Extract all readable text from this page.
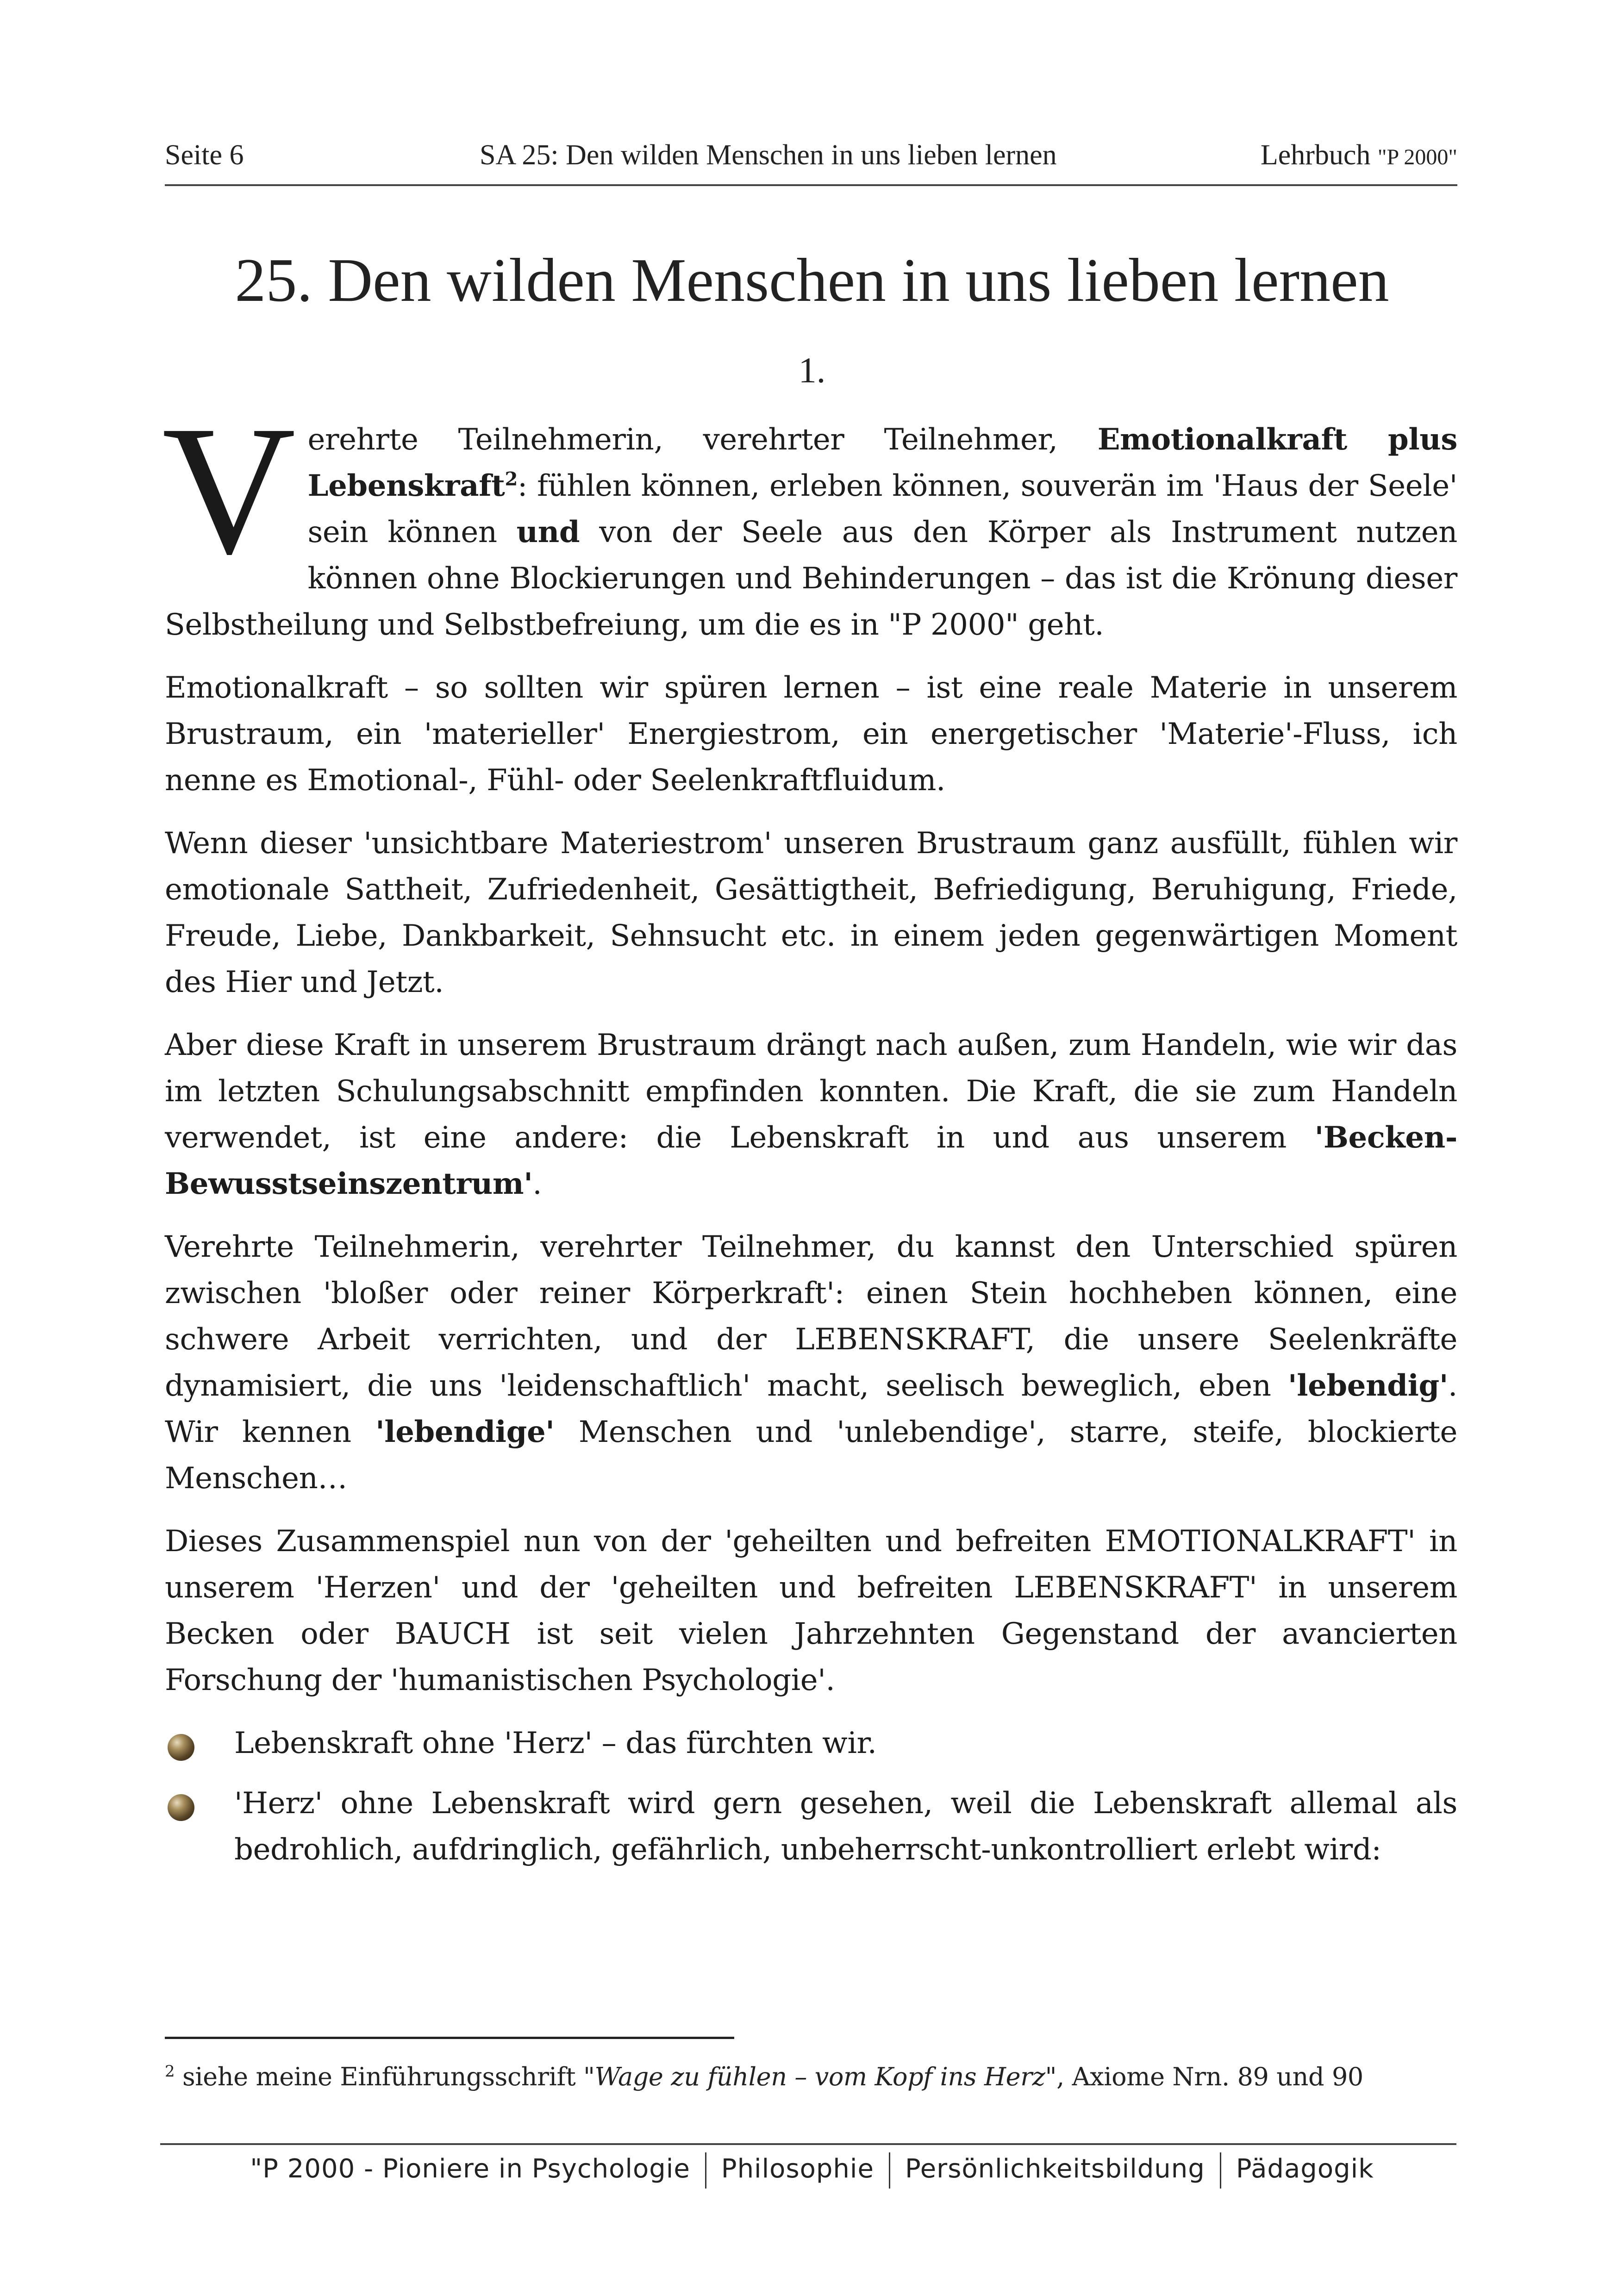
Seite 6	SA 25: Den wilden Menschen in uns lieben lernen	Lehrbuch "P 2000"
25. Den wilden Menschen in uns lieben lernen
1.

Verehrte Teilnehmerin, verehrter Teilnehmer, Emotionalkraft plus Lebenskraft$^2$: fühlen können, erleben können, souverän im 'Haus der Seele' sein können und von der Seele aus den Körper als Instrument nutzen können ohne Blockierungen und Behinderungen – das ist die Krönung dieser Selbstheilung und Selbstbefreiung, um die es in "P 2000" geht.

Emotionalkraft – so sollten wir spüren lernen – ist eine reale Materie in unserem Brustraum, ein 'materieller' Energiestrom, ein energetischer 'Materie'-Fluss, ich nenne es Emotional-, Fühl- oder Seelenkraftfluidum.

Wenn dieser 'unsichtbare Materiestrom' unseren Brustraum ganz ausfüllt, fühlen wir emotionale Sattheit, Zufriedenheit, Gesättigtheit, Befriedigung, Beruhigung, Friede, Freude, Liebe, Dankbarkeit, Sehnsucht etc. in einem jeden gegenwärtigen Moment des Hier und Jetzt.

Aber diese Kraft in unserem Brustraum drängt nach außen, zum Handeln, wie wir das im letzten Schulungsabschnitt empfinden konnten. Die Kraft, die sie zum Handeln verwendet, ist eine andere: die Lebenskraft in und aus unserem 'Becken-Bewusstseinszentrum'.

Verehrte Teilnehmerin, verehrter Teilnehmer, du kannst den Unterschied spüren zwischen 'bloßer oder reiner Körperkraft': einen Stein hochheben können, eine schwere Arbeit verrichten, und der LEBENSKRAFT, die unsere Seelenkräfte dynamisiert, die uns 'leidenschaftlich' macht, seelisch beweglich, eben 'lebendig'. Wir kennen 'lebendige' Menschen und 'unlebendige', starre, steife, blockierte Menschen…

Dieses Zusammenspiel nun von der 'geheilten und befreiten EMOTIONALKRAFT' in unserem 'Herzen' und der 'geheilten und befreiten LEBENSKRAFT' in unserem Becken oder BAUCH ist seit vielen Jahrzehnten Gegenstand der avancierten Forschung der 'humanistischen Psychologie'.

Lebenskraft ohne 'Herz' – das fürchten wir.
'Herz' ohne Lebenskraft wird gern gesehen, weil die Lebenskraft allemal als bedrohlich, aufdringlich, gefährlich, unbeherrscht-unkontrolliert erlebt wird:
$^2$ siehe meine Einführungsschrift "Wage zu fühlen – vom Kopf ins Herz", Axiome Nrn. 89 und 90
"P 2000 - Pioniere in Psychologie Philosophie Persönlichkeitsbildung Pädagogik
